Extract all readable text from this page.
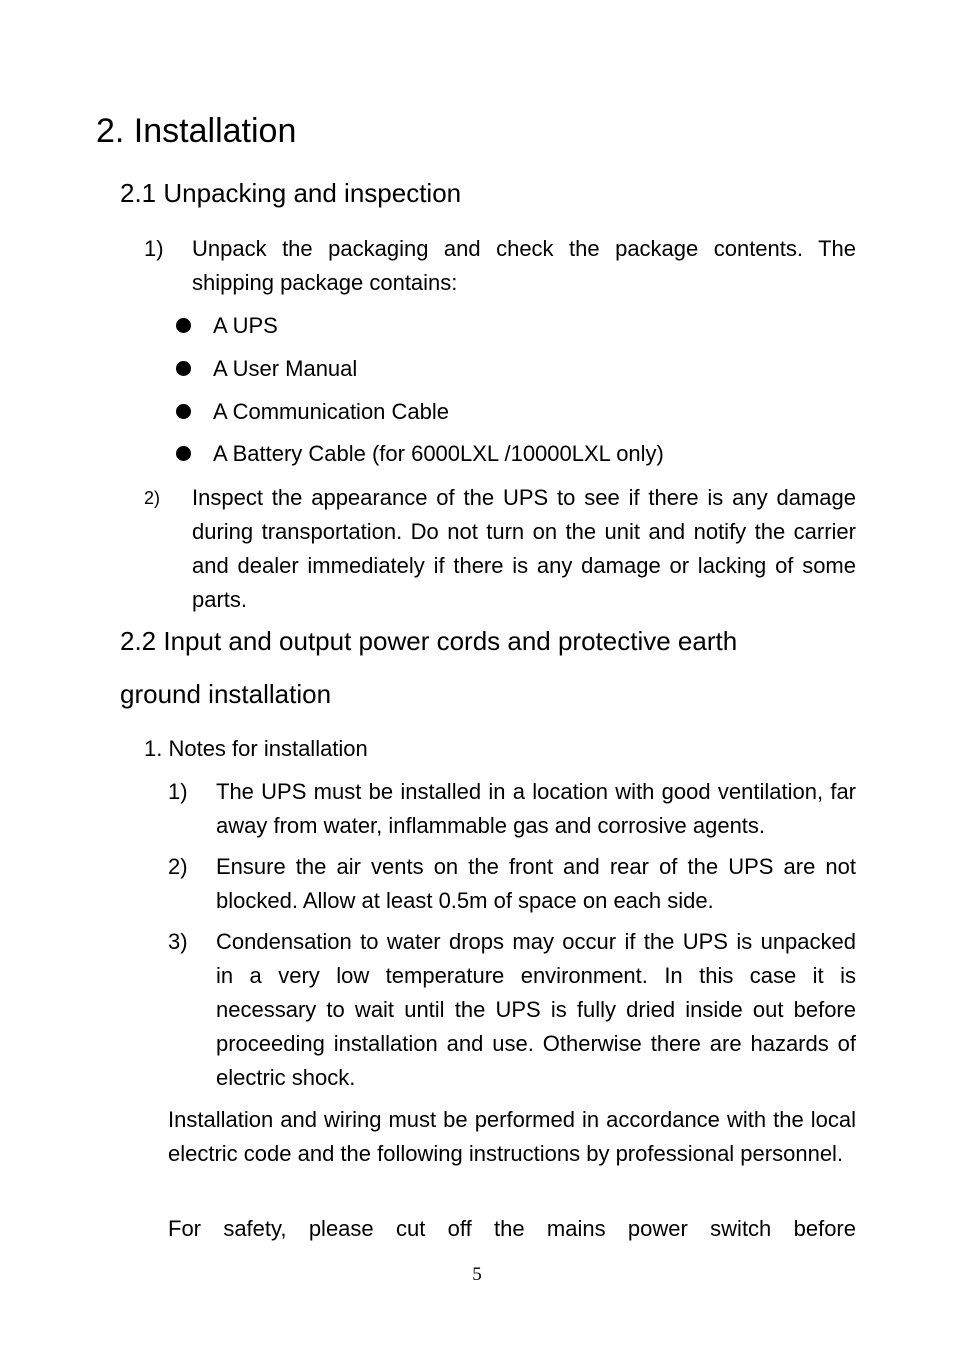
2. Installation
2.1 Unpacking and inspection
1) Unpack the packaging and check the package contents. The shipping package contains:

A UPS
A User Manual
A Communication Cable
A Battery Cable (for 6000LXL /10000LXL only)
2) Inspect the appearance of the UPS to see if there is any damage during transportation. Do not turn on the unit and notify the carrier and dealer immediately if there is any damage or lacking of some parts.

2.2 Input and output power cords and protective earth
ground installation
1. Notes for installation
1) The UPS must be installed in a location with good ventilation, far away from water, inflammable gas and corrosive agents.

2) Ensure the air vents on the front and rear of the UPS are not blocked. Allow at least 0.5m of space on each side.

3) Condensation to water drops may occur if the UPS is unpacked in a very low temperature environment. In this case it is necessary to wait until the UPS is fully dried inside out before proceeding installation and use. Otherwise there are hazards of electric shock.

Installation and wiring must be performed in accordance with the local electric code and the following instructions by professional personnel.

For safety, please cut off the mains power switch before

5
